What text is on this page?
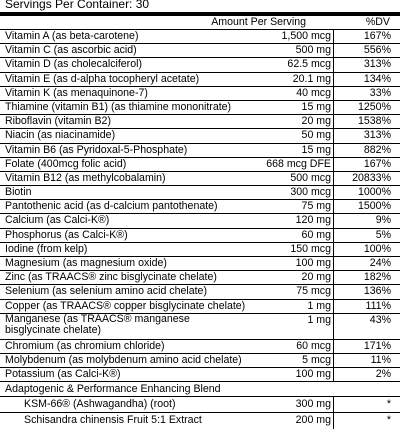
Servings Per Container: 30
Amount Per Serving	%DV
Vitamin A (as beta-carotene)	1,500 mcg	167%
Vitamin C (as ascorbic acid)	500 mg	556%
Vitamin D (as cholecalciferol)	62.5 mcg	313%
Vitamin E (as d-alpha tocopheryl acetate)	20.1 mg	134%
Vitamin K (as menaquinone-7)	40 mcg	33%
Thiamine (vitamin B1) (as thiamine mononitrate)	15 mg	1250%
Riboflavin (vitamin B2)	20 mg	1538%
Niacin (as niacinamide)	50 mg	313%
Vitamin B6 (as Pyridoxal-5-Phosphate)	15 mg	882%
Folate (400mcg folic acid)	668 mcg DFE	167%
Vitamin B12 (as methylcobalamin)	500 mcg 20833%
Biotin	300 mcg	1000%
Pantothenic acid (as d-calcium pantothenate)	75 mg	1500%
Calcium (as Calci-K®)	120 mg	9%
Phosphorus (as Calci-K®)	60 mg	5%
Iodine (from kelp)	150 mcg	100%
Magnesium (as magnesium oxide)	100 mg	24%
Zinc (as TRAACS® zinc bisglycinate chelate)	20 mg	182%
Selenium (as selenium amino acid chelate)	75 mcg	136%
Copper (as TRAACS® copper bisglycinate chelate)	1 mg	111%
Manganese (as TRAACS® manganese bisglycinate chelate)
1 mg	43%
Chromium (as chromium chloride)	60 mcg	171%
Molybdenum (as molybdenum amino acid chelate)	5 mcg	11%
Potassium (as Calci-K®)	100 mg	2%
Adaptogenic & Performance Enhancing Blend
KSM-66® (Ashwagandha) (root)	300 mg	*
Schisandra chinensis Fruit 5:1 Extract	200 mg	*
